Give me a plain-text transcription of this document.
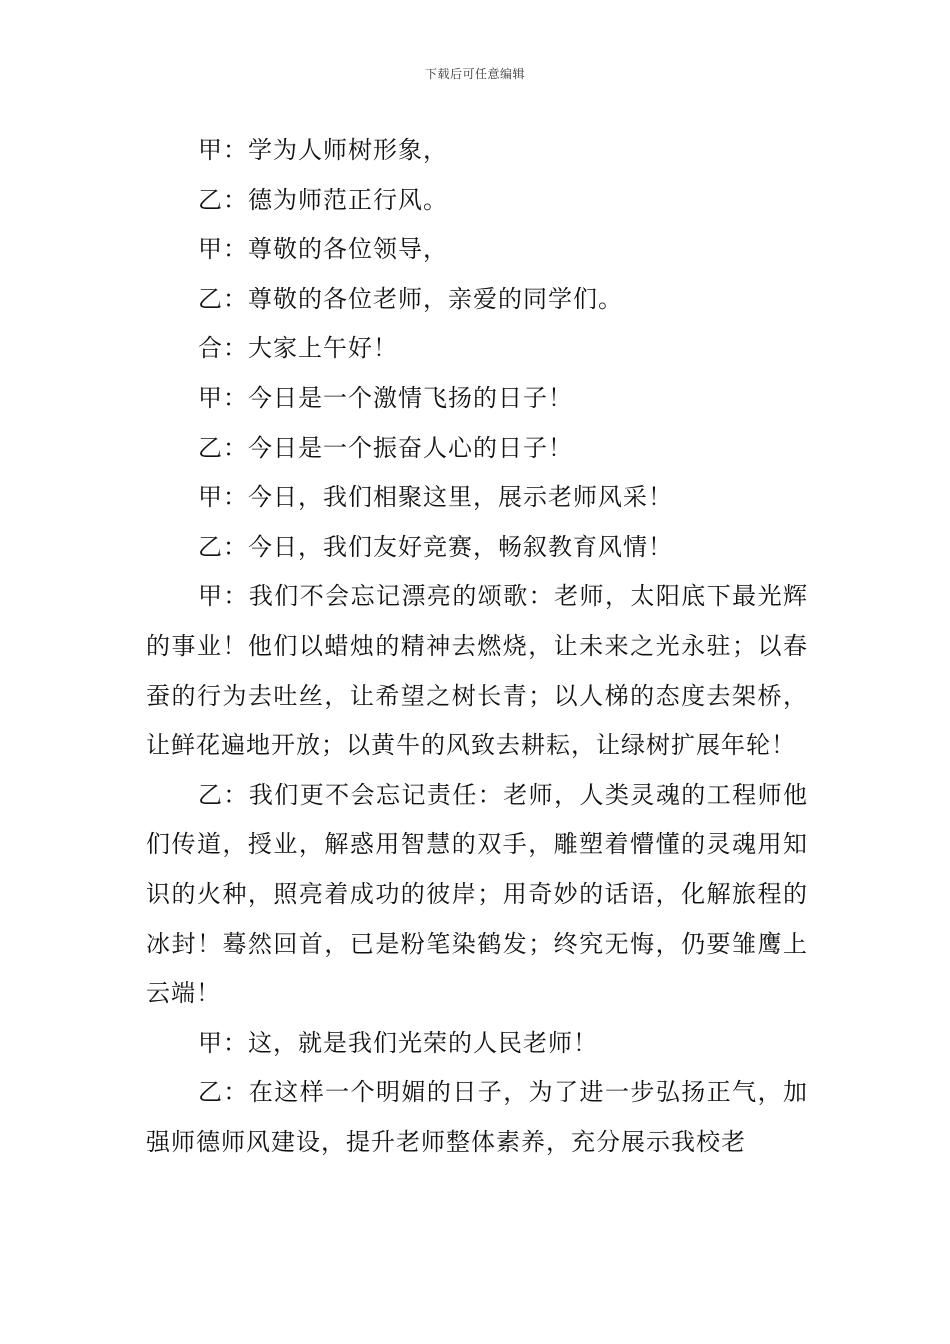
下载后可任意编辑

甲：学为人师树形象，

乙：德为师范正行风。

甲：尊敬的各位领导，

乙：尊敬的各位老师，亲爱的同学们。

合：大家上午好！

甲：今日是一个激情飞扬的日子！

乙：今日是一个振奋人心的日子！

甲：今日，我们相聚这里，展示老师风采！

乙：今日，我们友好竞赛，畅叙教育风情！

甲：我们不会忘记漂亮的颂歌：老师，太阳底下最光辉的事业！他们以蜡烛的精神去燃烧，让未来之光永驻；以春蚕的行为去吐丝，让希望之树长青；以人梯的态度去架桥，让鲜花遍地开放；以黄牛的风致去耕耘，让绿树扩展年轮！

乙：我们更不会忘记责任：老师，人类灵魂的工程师他们传道，授业，解惑用智慧的双手，雕塑着懵懂的灵魂用知识的火种，照亮着成功的彼岸；用奇妙的话语，化解旅程的冰封！蓦然回首，已是粉笔染鹤发；终究无悔，仍要雏鹰上云端！

甲：这，就是我们光荣的人民老师！

乙：在这样一个明媚的日子，为了进一步弘扬正气，加强师德师风建设，提升老师整体素养，充分展示我校老
